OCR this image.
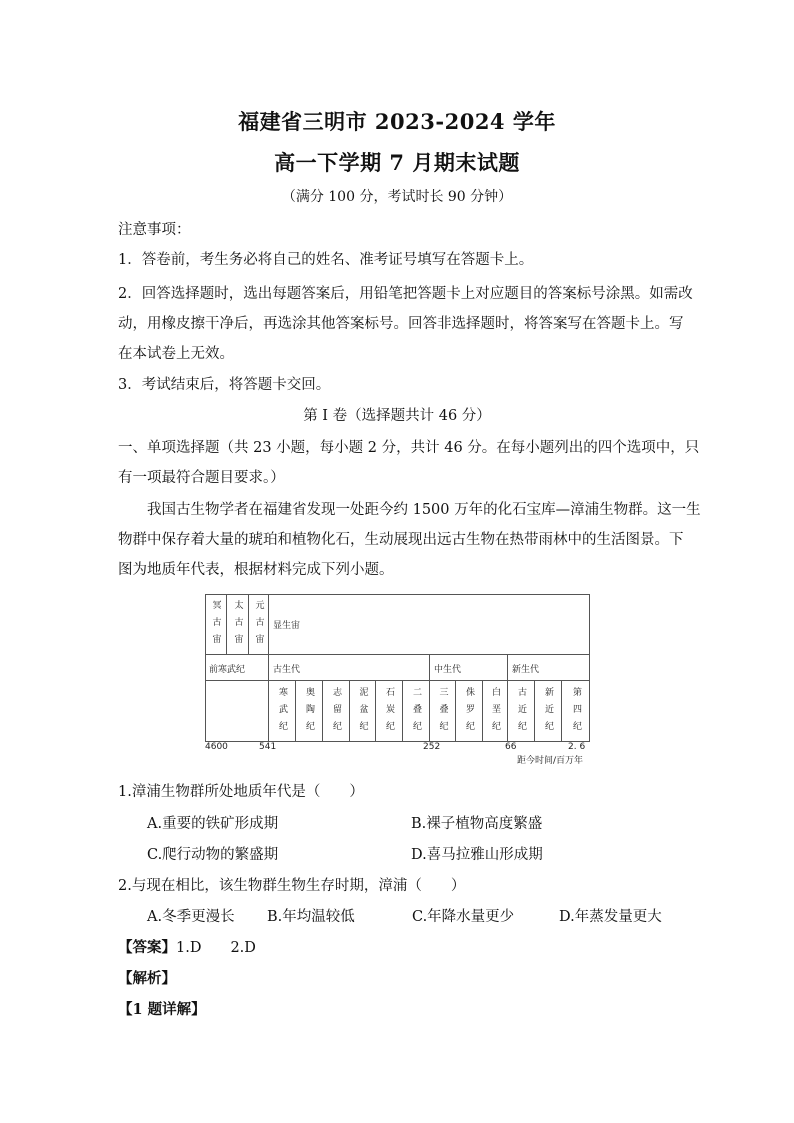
福建省三明市 2023-2024 学年
高一下学期 7 月期末试题
（满分 100 分，考试时长 90 分钟）
注意事项：
1．答卷前，考生务必将自己的姓名、准考证号填写在答题卡上。
2．回答选择题时，选出每题答案后，用铅笔把答题卡上对应题目的答案标号涂黑。如需改
动，用橡皮擦干净后，再选涂其他答案标号。回答非选择题时，将答案写在答题卡上。写
在本试卷上无效。
3．考试结束后，将答题卡交回。
第 I 卷（选择题共计 46 分）
一、单项选择题（共 23 小题，每小题 2 分，共计 46 分。在每小题列出的四个选项中，只
有一项最符合题目要求。）
我国古生物学者在福建省发现一处距今约 1500 万年的化石宝库—漳浦生物群。这一生
物群中保存着大量的琥珀和植物化石，生动展现出远古生物在热带雨林中的生活图景。下
图为地质年代表，根据材料完成下列小题。
冥古宙 太古宙 元古宙 显生宙
前寒武纪	古生代	中生代	新生代
寒武纪 奥陶纪 志留纪 泥盆纪 石炭纪 二叠纪 三叠纪 侏罗纪 白垩纪 古近纪 新近纪 第四纪
4600	541	252	66	2. 6
距今时间/百万年
1.漳浦生物群所处地质年代是（　　）
A.重要的铁矿形成期	B.裸子植物高度繁盛
C.爬行动物的繁盛期	D.喜马拉雅山形成期
2.与现在相比，该生物群生物生存时期，漳浦（　　）
A.冬季更漫长 B.年均温较低	C.年降水量更少	D.年蒸发量更大
【答案】1.D　　2.D
【解析】
【1 题详解】
